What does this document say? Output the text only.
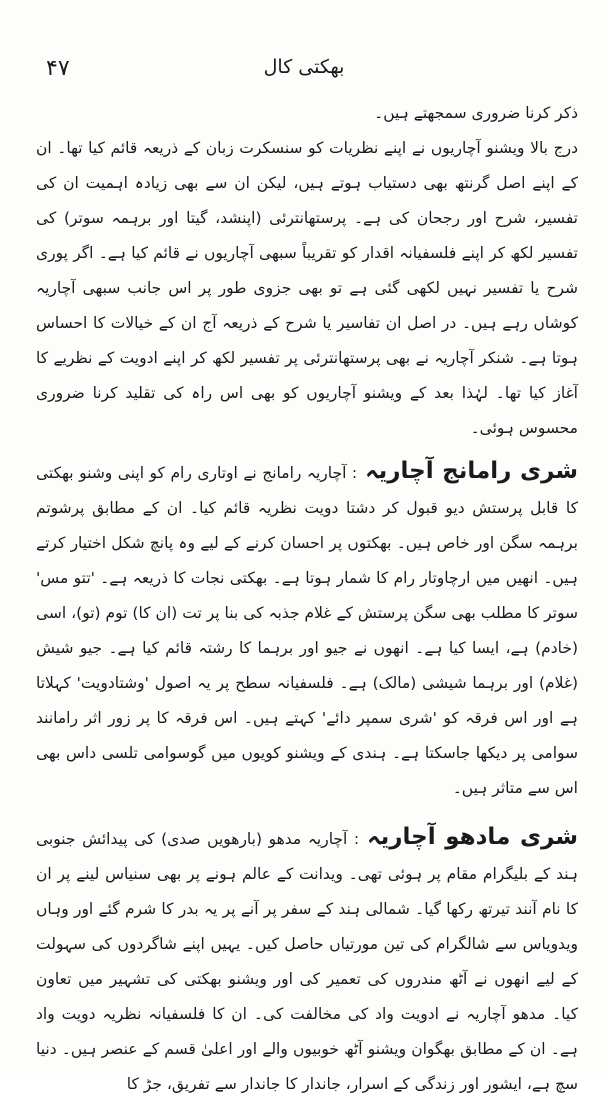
۴۷	بھکتی کال

ذکر کرنا ضروری سمجھتے ہیں۔

درج بالا ویشنو آچاریوں نے اپنے نظریات کو سنسکرت زبان کے ذریعہ قائم کیا تھا۔ ان کے اپنے اصل گرنتھ بھی دستیاب ہوتے ہیں، لیکن ان سے بھی زیادہ اہمیت ان کی تفسیر، شرح اور رجحان کی ہے۔ پرستھانترئی (اپنشد، گیتا اور برہمہ سوتر) کی تفسیر لکھ کر اپنے فلسفیانہ اقدار کو تقریباً سبھی آچاریوں نے قائم کیا ہے۔ اگر پوری شرح یا تفسیر نہیں لکھی گئی ہے تو بھی جزوی طور پر اس جانب سبھی آچاریہ کوشاں رہے ہیں۔ در اصل ان تفاسیر یا شرح کے ذریعہ آج ان کے خیالات کا احساس ہوتا ہے۔ شنکر آچاریہ نے بھی پرستھانترئی پر تفسیر لکھ کر اپنے ادویت کے نظریے کا آغاز کیا تھا۔ لہٰذا بعد کے ویشنو آچاریوں کو بھی اس راہ کی تقلید کرنا ضروری محسوس ہوئی۔

شری رامانج آچاریہ: آچاریہ رامانج نے اوتاری رام کو اپنی وشنو بھکتی کا قابل پرستش دیو قبول کر دشتا دویت نظریہ قائم کیا۔ ان کے مطابق پرشوتم برہمہ سگن اور خاص ہیں۔ بھکتوں پر احسان کرنے کے لیے وہ پانچ شکل اختیار کرتے ہیں۔ انھیں میں ارچاوتار رام کا شمار ہوتا ہے۔ بھکتی نجات کا ذریعہ ہے۔ 'تتو مس' سوتر کا مطلب بھی سگن پرستش کے غلام جذبہ کی بنا پر تت (ان کا) توم (تو)، اسی (خادم) ہے، ایسا کیا ہے۔ انھوں نے جیو اور برہما کا رشتہ قائم کیا ہے۔ جیو شیش (غلام) اور برہما شیشی (مالک) ہے۔ فلسفیانہ سطح پر یہ اصول 'وشتادویت' کہلاتا ہے اور اس فرقہ کو 'شری سمپر دائے' کہتے ہیں۔ اس فرقہ کا پر زور اثر رامانند سوامی پر دیکھا جاسکتا ہے۔ ہندی کے ویشنو کویوں میں گوسوامی تلسی داس بھی اس سے متاثر ہیں۔

شری مادھو آچاریہ: آچاریہ مدھو (بارھویں صدی) کی پیدائش جنوبی ہند کے بلیگرام مقام پر ہوئی تھی۔ ویدانت کے عالم ہونے پر بھی سنیاس لینے پر ان کا نام آنند تیرتھ رکھا گیا۔ شمالی ہند کے سفر پر آنے پر یہ بدر کا شرم گئے اور وہاں ویدویاس سے شالگرام کی تین مورتیاں حاصل کیں۔ یہیں اپنے شاگردوں کی سہولت کے لیے انھوں نے آٹھ مندروں کی تعمیر کی اور ویشنو بھکتی کی تشہیر میں تعاون کیا۔ مدھو آچاریہ نے ادویت واد کی مخالفت کی۔ ان کا فلسفیانہ نظریہ دویت واد ہے۔ ان کے مطابق بھگوان ویشنو آٹھ خوبیوں والے اور اعلیٰ قسم کے عنصر ہیں۔ دنیا سچ ہے، ایشور اور زندگی کے اسرار، جاندار کا جاندار سے تفریق، جڑ کا
